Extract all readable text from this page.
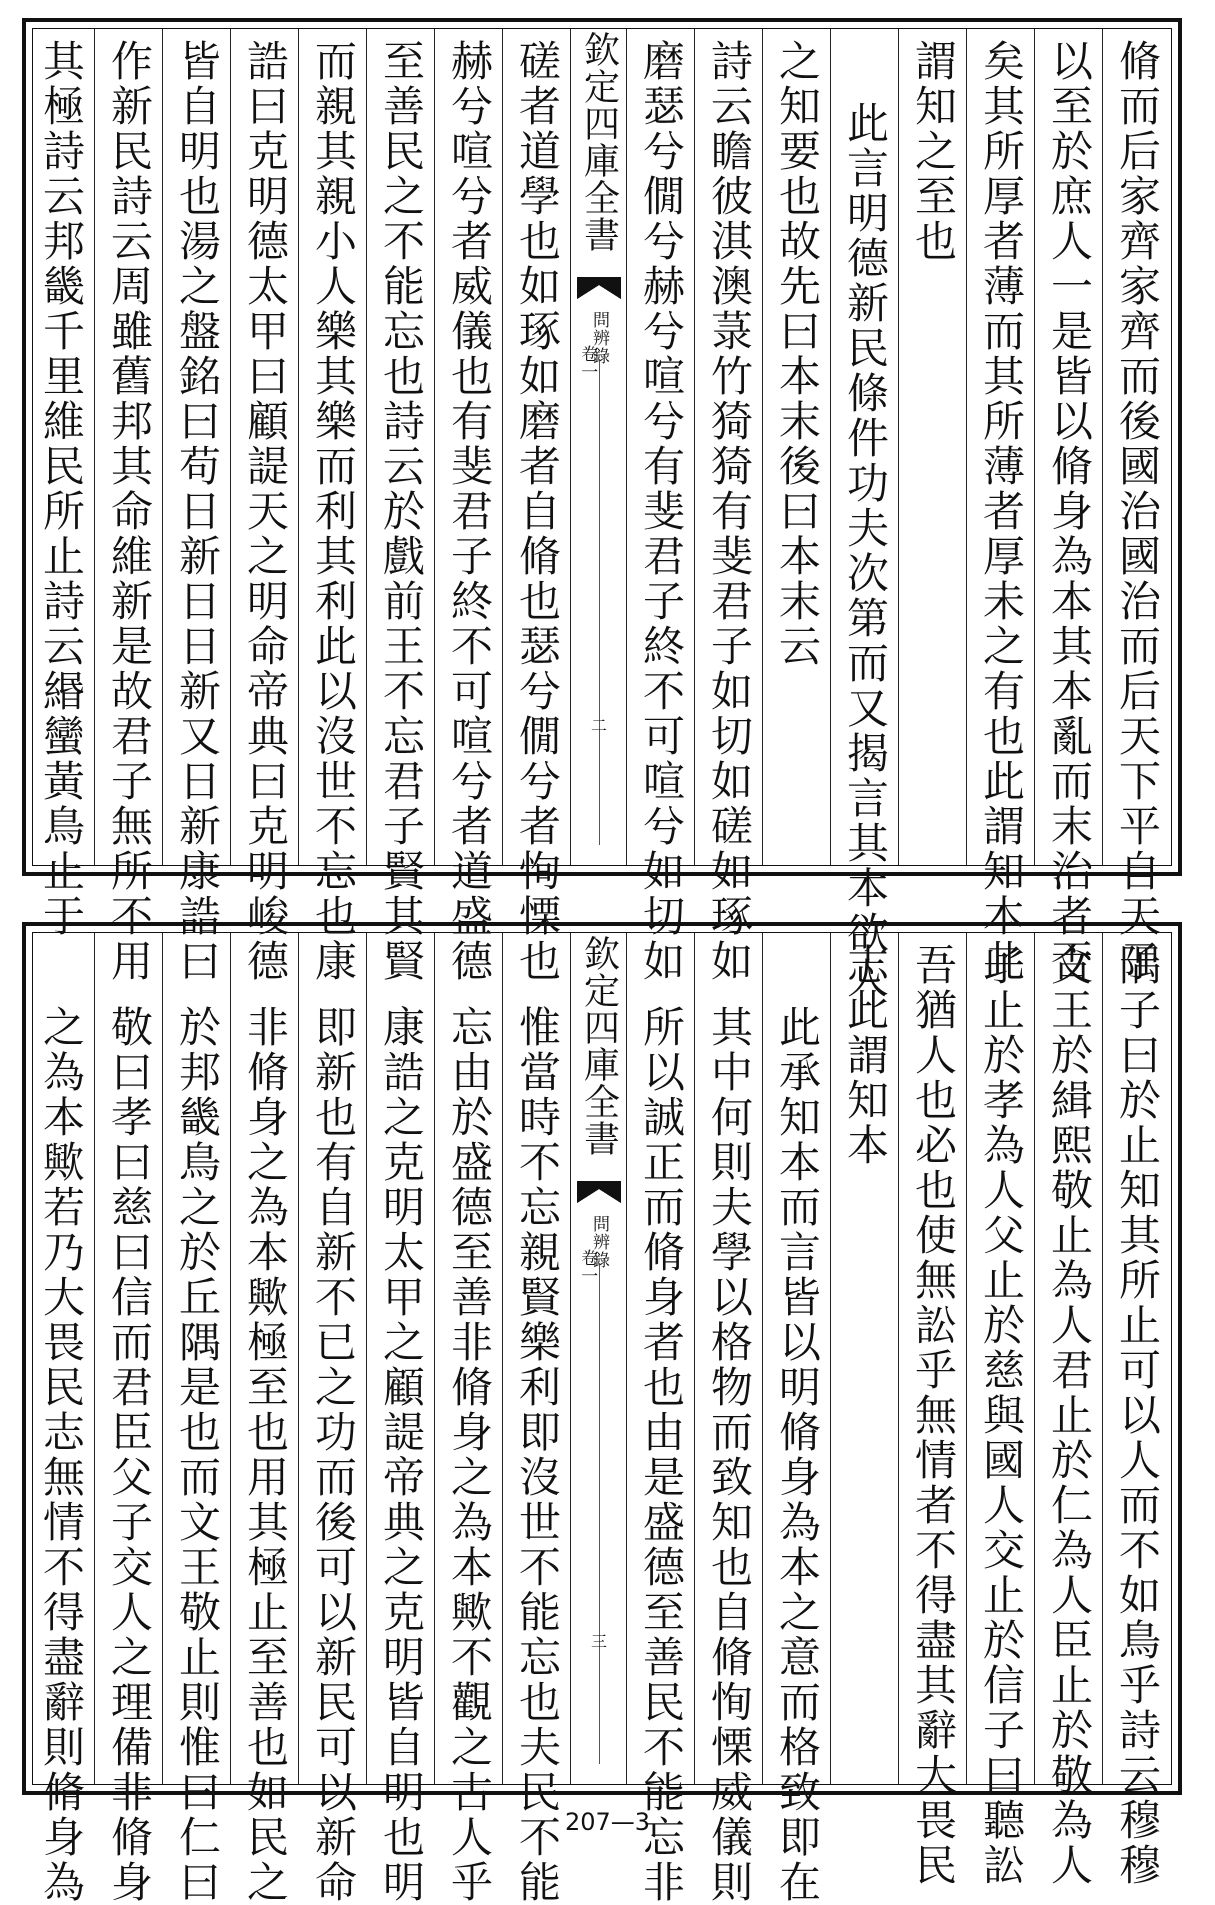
脩而后家齊家齊而後國治國治而后天下平自天子
以至於庶人一是皆以脩身為本其本亂而末治者否
矣其所厚者薄而其所薄者厚未之有也此謂知本此
謂知之至也
此言明德新民條件功夫次第而又揭言其本欲人
之知要也故先曰本末後曰本末云
詩云瞻彼淇澳菉竹猗猗有斐君子如切如磋如琢如
磨瑟兮僩兮赫兮喧兮有斐君子終不可喧兮如切如
欽定四庫全書
問辨錄
卷一
二
磋者道學也如琢如磨者自脩也瑟兮僩兮者恂慄也
赫兮喧兮者威儀也有斐君子終不可喧兮者道盛德
至善民之不能忘也詩云於戲前王不忘君子賢其賢
而親其親小人樂其樂而利其利此以沒世不忘也康
誥曰克明德太甲曰顧諟天之明命帝典曰克明峻德
皆自明也湯之盤銘曰苟日新日日新又日新康誥曰
作新民詩云周雖舊邦其命維新是故君子無所不用
其極詩云邦畿千里維民所止詩云緡蠻黃鳥止于
隅子曰於止知其所止可以人而不如鳥乎詩云穆穆
文王於緝熙敬止為人君止於仁為人臣止於敬為人
子止於孝為人父止於慈與國人交止於信子曰聽訟
吾猶人也必也使無訟乎無情者不得盡其辭大畏民
志此謂知本
此承知本而言皆以明脩身為本之意而格致即在
其中何則夫學以格物而致知也自脩恂慄威儀則
所以誠正而脩身者也由是盛德至善民不能忘非
欽定四庫全書
問辨錄
卷一
三
惟當時不忘親賢樂利即沒世不能忘也夫民不能
忘由於盛德至善非脩身之為本歟不觀之古人乎
康誥之克明太甲之顧諟帝典之克明皆自明也明
即新也有自新不已之功而後可以新民可以新命
非脩身之為本歟極至也用其極止至善也如民之
於邦畿鳥之於丘隅是也而文王敬止則惟曰仁曰
敬曰孝曰慈曰信而君臣父子交人之理備非脩身
之為本歟若乃大畏民志無情不得盡辭則脩身為	207—3
